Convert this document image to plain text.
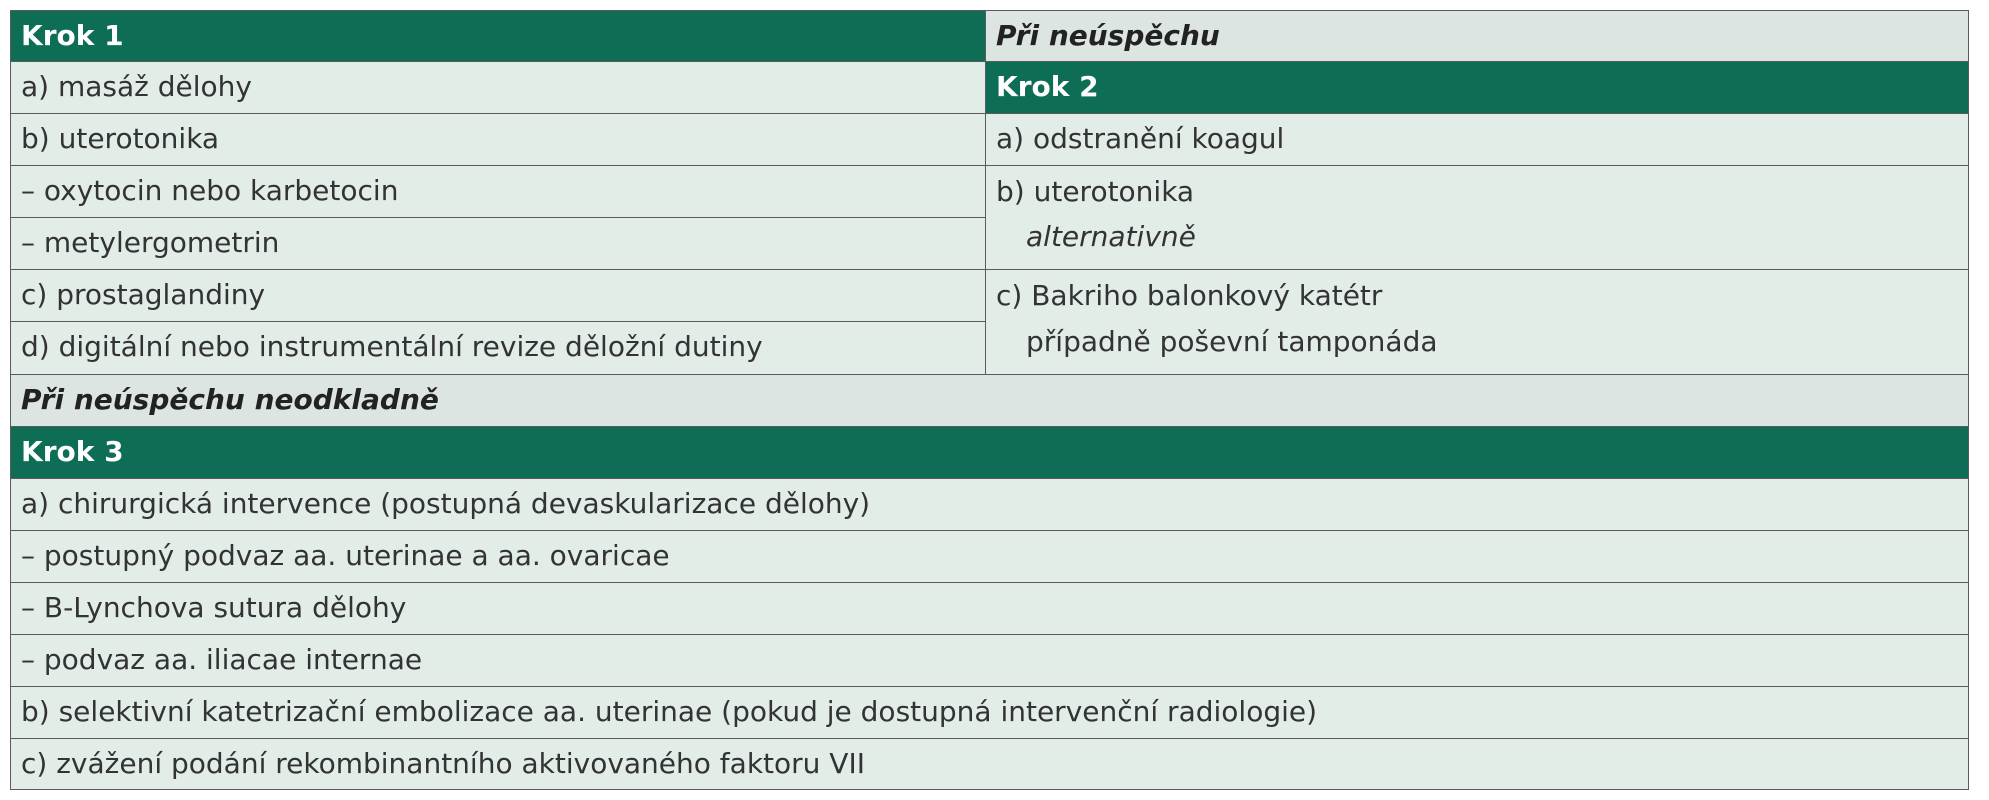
Krok 1
a) masáž dělohy
b) uterotonika
– oxytocin nebo karbetocin
– metylergometrin
c) prostaglandiny
d) digitální nebo instrumentální revize děložní dutiny
Při neúspěchu
Krok 2
a) odstranění koagul
b) uterotonika
alternativně
c) Bakriho balonkový katétr
případně poševní tamponáda
Při neúspěchu neodkladně
Krok 3
a) chirurgická intervence (postupná devaskularizace dělohy)
– postupný podvaz aa. uterinae a aa. ovaricae
– B-Lynchova sutura dělohy
– podvaz aa. iliacae internae
b) selektivní katetrizační embolizace aa. uterinae (pokud je dostupná intervenční radiologie)
c) zvážení podání rekombinantního aktivovaného faktoru VII
